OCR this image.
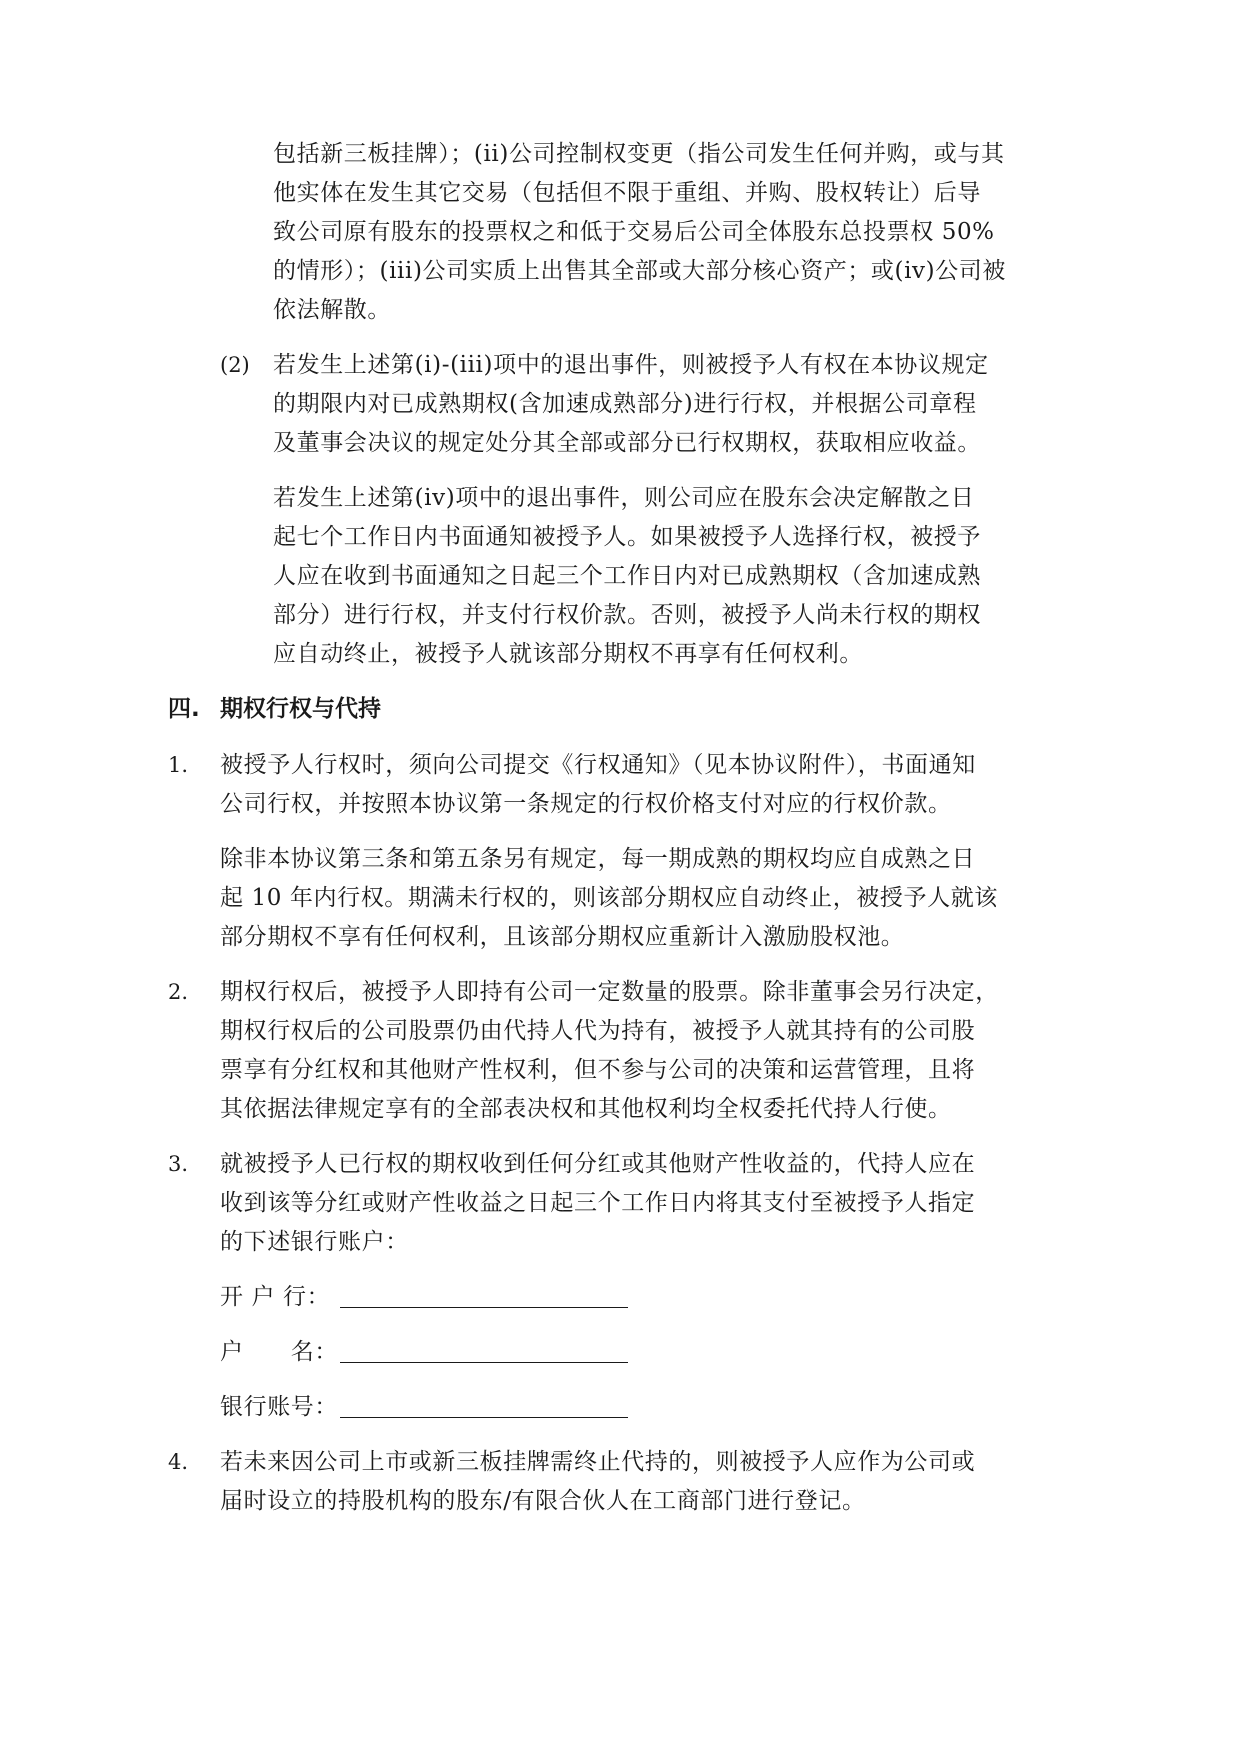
包括新三板挂牌）；(ii)公司控制权变更（指公司发生任何并购，或与其
他实体在发生其它交易（包括但不限于重组、并购、股权转让）后导
致公司原有股东的投票权之和低于交易后公司全体股东总投票权 50%
的情形）；(iii)公司实质上出售其全部或大部分核心资产；或(iv)公司被
依法解散。
(2) 若发生上述第(i)-(iii)项中的退出事件，则被授予人有权在本协议规定
的期限内对已成熟期权(含加速成熟部分)进行行权，并根据公司章程
及董事会决议的规定处分其全部或部分已行权期权，获取相应收益。
若发生上述第(iv)项中的退出事件，则公司应在股东会决定解散之日
起七个工作日内书面通知被授予人。如果被授予人选择行权，被授予
人应在收到书面通知之日起三个工作日内对已成熟期权（含加速成熟
部分）进行行权，并支付行权价款。否则，被授予人尚未行权的期权
应自动终止，被授予人就该部分期权不再享有任何权利。
四. 期权行权与代持
1. 被授予人行权时，须向公司提交《行权通知》（见本协议附件），书面通知
公司行权，并按照本协议第一条规定的行权价格支付对应的行权价款。
除非本协议第三条和第五条另有规定，每一期成熟的期权均应自成熟之日
起 10 年内行权。期满未行权的，则该部分期权应自动终止，被授予人就该
部分期权不享有任何权利，且该部分期权应重新计入激励股权池。
2. 期权行权后，被授予人即持有公司一定数量的股票。除非董事会另行决定，
期权行权后的公司股票仍由代持人代为持有，被授予人就其持有的公司股
票享有分红权和其他财产性权利，但不参与公司的决策和运营管理，且将
其依据法律规定享有的全部表决权和其他权利均全权委托代持人行使。
3. 就被授予人已行权的期权收到任何分红或其他财产性收益的，代持人应在
收到该等分红或财产性收益之日起三个工作日内将其支付至被授予人指定
的下述银行账户：
开 户 行：
户　　名：
银行账号：
4. 若未来因公司上市或新三板挂牌需终止代持的，则被授予人应作为公司或
届时设立的持股机构的股东/有限合伙人在工商部门进行登记。
